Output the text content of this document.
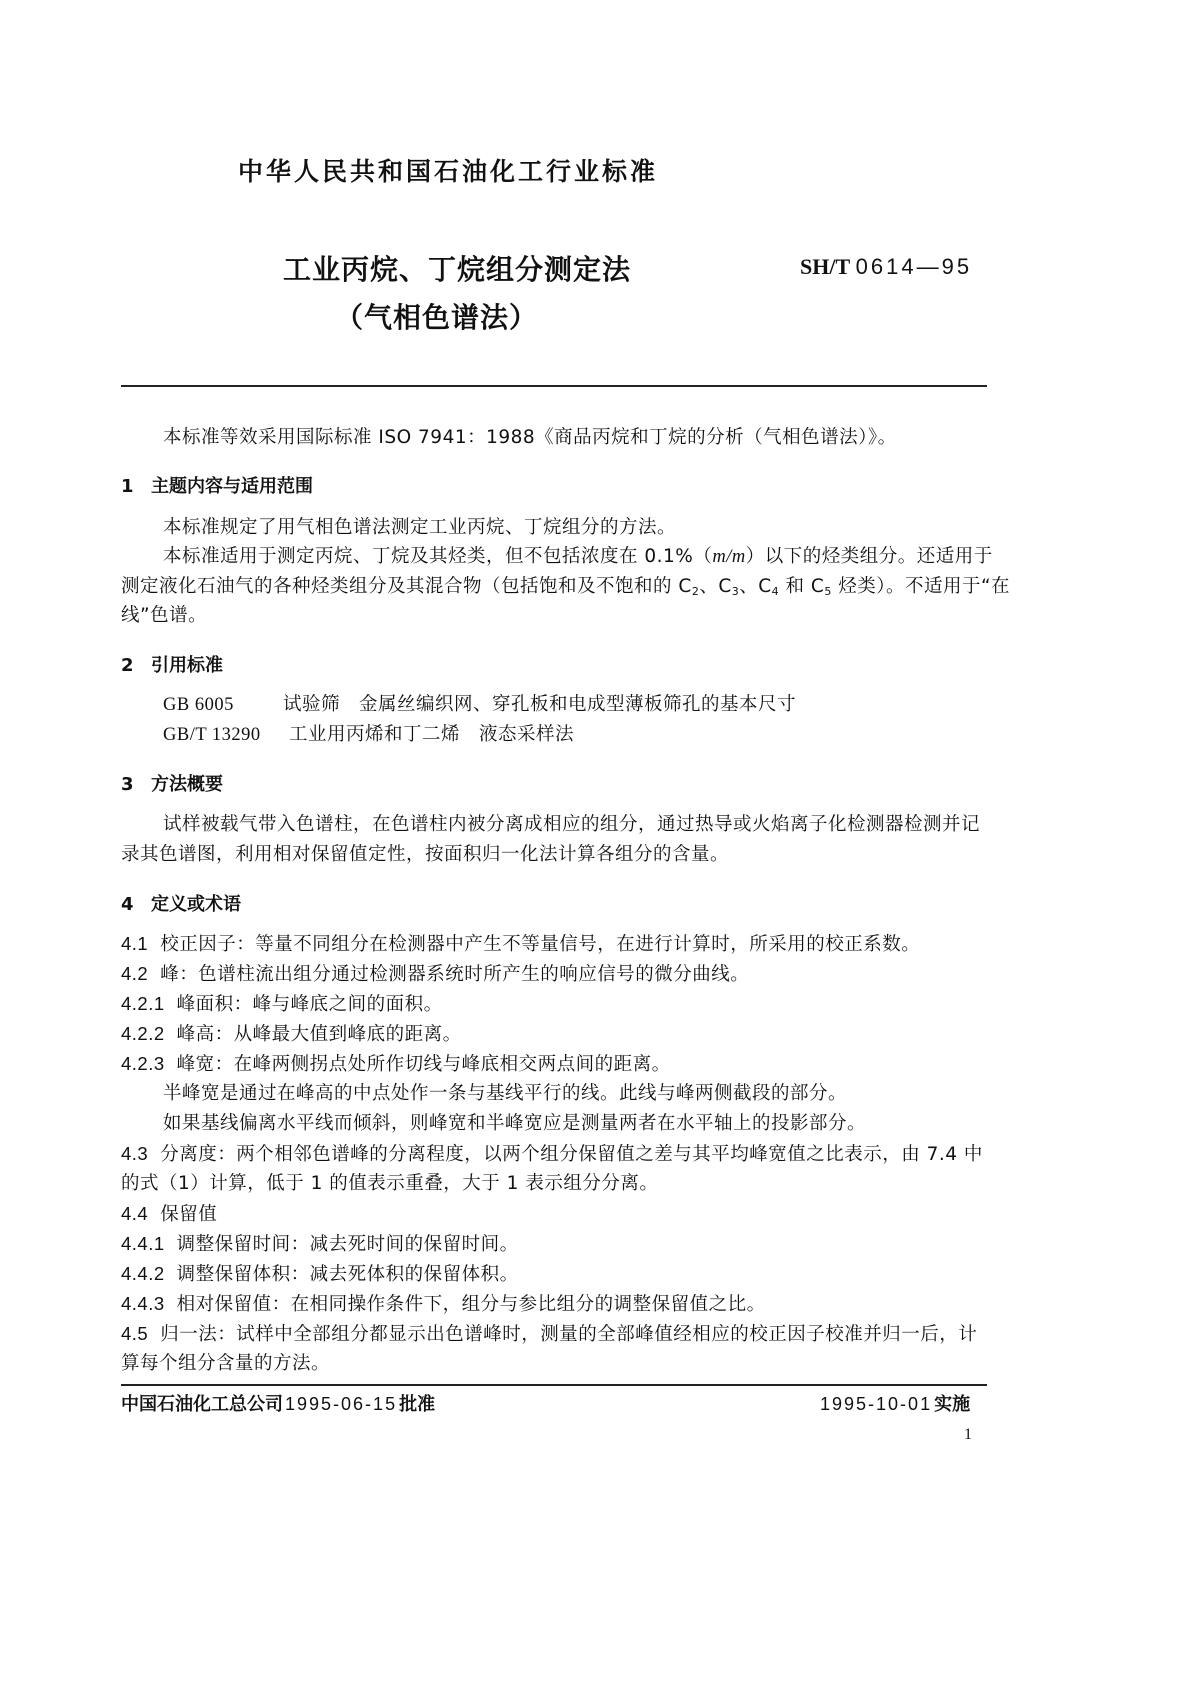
中华人民共和国石油化工行业标准
工业丙烷、丁烷组分测定法
（气相色谱法）
SH/T 0614—95
本标准等效采用国际标准 ISO 7941：1988《商品丙烷和丁烷的分析（气相色谱法）》。
1 主题内容与适用范围
本标准规定了用气相色谱法测定工业丙烷、丁烷组分的方法。
本标准适用于测定丙烷、丁烷及其烃类，但不包括浓度在 0.1%（m/m）以下的烃类组分。还适用于
测定液化石油气的各种烃类组分及其混合物（包括饱和及不饱和的 $C_2$、$C_3$、$C_4$ 和 $C_5$ 烃类）。不适用于“在
线”色谱。
2 引用标准
GB 6005	试验筛　金属丝编织网、穿孔板和电成型薄板筛孔的基本尺寸
GB/T 13290 工业用丙烯和丁二烯　液态采样法
3 方法概要
试样被载气带入色谱柱，在色谱柱内被分离成相应的组分，通过热导或火焰离子化检测器检测并记
录其色谱图，利用相对保留值定性，按面积归一化法计算各组分的含量。
4 定义或术语
4.1 校正因子：等量不同组分在检测器中产生不等量信号，在进行计算时，所采用的校正系数。
4.2 峰：色谱柱流出组分通过检测器系统时所产生的响应信号的微分曲线。
4.2.1 峰面积：峰与峰底之间的面积。
4.2.2 峰高：从峰最大值到峰底的距离。
4.2.3 峰宽：在峰两侧拐点处所作切线与峰底相交两点间的距离。
半峰宽是通过在峰高的中点处作一条与基线平行的线。此线与峰两侧截段的部分。
如果基线偏离水平线而倾斜，则峰宽和半峰宽应是测量两者在水平轴上的投影部分。
4.3 分离度：两个相邻色谱峰的分离程度，以两个组分保留值之差与其平均峰宽值之比表示，由 7.4 中
的式（1）计算，低于 1 的值表示重叠，大于 1 表示组分分离。
4.4 保留值
4.4.1 调整保留时间：减去死时间的保留时间。
4.4.2 调整保留体积：减去死体积的保留体积。
4.4.3 相对保留值：在相同操作条件下，组分与参比组分的调整保留值之比。
4.5 归一法：试样中全部组分都显示出色谱峰时，测量的全部峰值经相应的校正因子校准并归一后，计
算每个组分含量的方法。
中国石油化工总公司 1995-06-15 批准	1995-10-01 实施
1
